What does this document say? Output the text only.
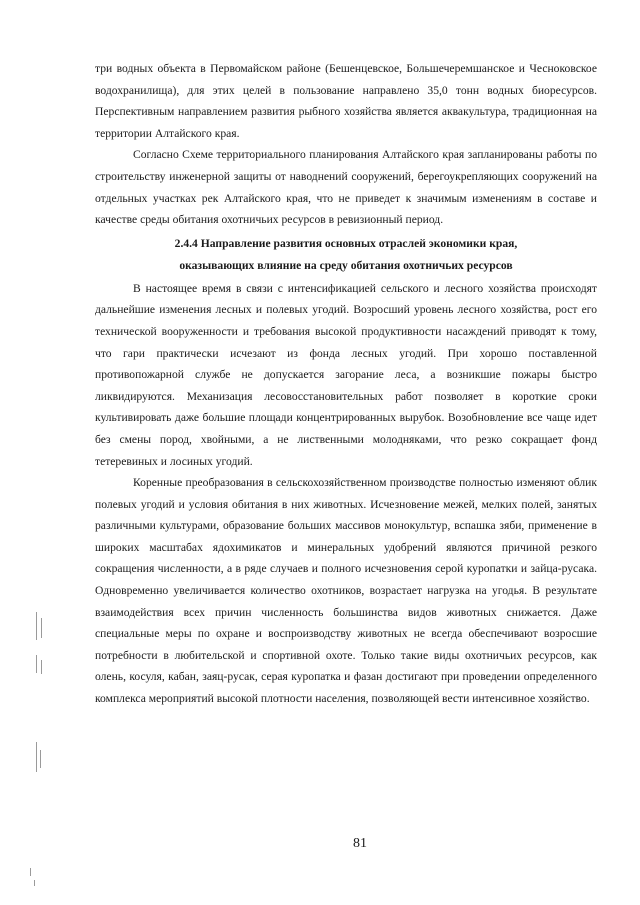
три водных объекта в Первомайском районе (Бешенцевское, Большечеремшанское и Чесноковское водохранилища), для этих целей в пользование направлено 35,0 тонн водных биоресурсов. Перспективным направлением развития рыбного хозяйства является аквакультура, традиционная на территории Алтайского края.

Согласно Схеме территориального планирования Алтайского края запланированы работы по строительству инженерной защиты от наводнений сооружений, берегоукрепляющих сооружений на отдельных участках рек Алтайского края, что не приведет к значимым изменениям в составе и качестве среды обитания охотничьих ресурсов в ревизионный период.

2.4.4 Направление развития основных отраслей экономики края,
оказывающих влияние на среду обитания охотничьих ресурсов

В настоящее время в связи с интенсификацией сельского и лесного хозяйства происходят дальнейшие изменения лесных и полевых угодий. Возросший уровень лесного хозяйства, рост его технической вооруженности и требования высокой продуктивности насаждений приводят к тому, что гари практически исчезают из фонда лесных угодий. При хорошо поставленной противопожарной службе не допускается загорание леса, а возникшие пожары быстро ликвидируются. Механизация лесовосстановительных работ позволяет в короткие сроки культивировать даже большие площади концентрированных вырубок. Возобновление все чаще идет без смены пород, хвойными, а не лиственными молодняками, что резко сокращает фонд тетеревиных и лосиных угодий.

Коренные преобразования в сельскохозяйственном производстве полностью изменяют облик полевых угодий и условия обитания в них животных. Исчезновение межей, мелких полей, занятых различными культурами, образование больших массивов монокультур, вспашка зяби, применение в широких масштабах ядохимикатов и минеральных удобрений являются причиной резкого сокращения численности, а в ряде случаев и полного исчезновения серой куропатки и зайца-русака. Одновременно увеличивается количество охотников, возрастает нагрузка на угодья. В результате взаимодействия всех причин численность большинства видов животных снижается. Даже специальные меры по охране и воспроизводству животных не всегда обеспечивают возросшие потребности в любительской и спортивной охоте. Только такие виды охотничьих ресурсов, как олень, косуля, кабан, заяц-русак, серая куропатка и фазан достигают при проведении определенного комплекса мероприятий высокой плотности населения, позволяющей вести интенсивное хозяйство.

81
